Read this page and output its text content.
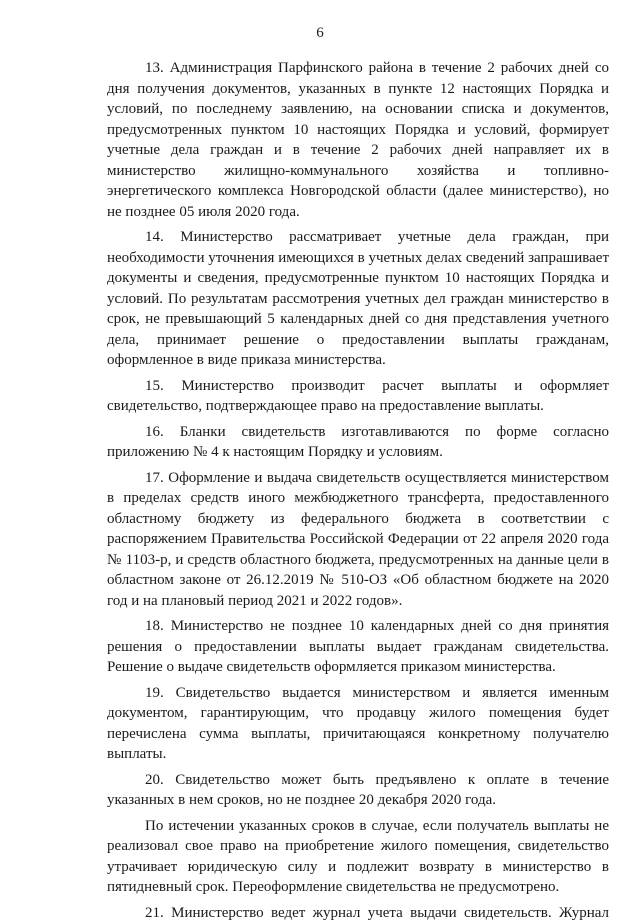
6

13. Администрация Парфинского района в течение 2 рабочих дней со дня получения документов, указанных в пункте 12 настоящих Порядка и условий, по последнему заявлению, на основании списка и документов, предусмотренных пунктом 10 настоящих Порядка и условий, формирует учетные дела граждан и в течение 2 рабочих дней направляет их в министерство жилищно-коммунального хозяйства и топливно-энергетического комплекса Новгородской области (далее министерство), но не позднее 05 июля 2020 года.

14. Министерство рассматривает учетные дела граждан, при необходимости уточнения имеющихся в учетных делах сведений запрашивает документы и сведения, предусмотренные пунктом 10 настоящих Порядка и условий. По результатам рассмотрения учетных дел граждан министерство в срок, не превышающий 5 календарных дней со дня представления учетного дела, принимает решение о предоставлении выплаты гражданам, оформленное в виде приказа министерства.

15. Министерство производит расчет выплаты и оформляет свидетельство, подтверждающее право на предоставление выплаты.

16. Бланки свидетельств изготавливаются по форме согласно приложению № 4 к настоящим Порядку и условиям.

17. Оформление и выдача свидетельств осуществляется министерством в пределах средств иного межбюджетного трансферта, предоставленного областному бюджету из федерального бюджета в соответствии с распоряжением Правительства Российской Федерации от 22 апреля 2020 года № 1103-р, и средств областного бюджета, предусмотренных на данные цели в областном законе от 26.12.2019 № 510-ОЗ «Об областном бюджете на 2020 год и на плановый период 2021 и 2022 годов».

18. Министерство не позднее 10 календарных дней со дня принятия решения о предоставлении выплаты выдает гражданам свидетельства. Решение о выдаче свидетельств оформляется приказом министерства.

19. Свидетельство выдается министерством и является именным документом, гарантирующим, что продавцу жилого помещения будет перечислена сумма выплаты, причитающаяся конкретному получателю выплаты.

20. Свидетельство может быть предъявлено к оплате в течение указанных в нем сроков, но не позднее 20 декабря 2020 года.

По истечении указанных сроков в случае, если получатель выплаты не реализовал свое право на приобретение жилого помещения, свидетельство утрачивает юридическую силу и подлежит возврату в министерство в пятидневный срок. Переоформление свидетельства не предусмотрено.

21. Министерство ведет журнал учета выдачи свидетельств. Журнал
